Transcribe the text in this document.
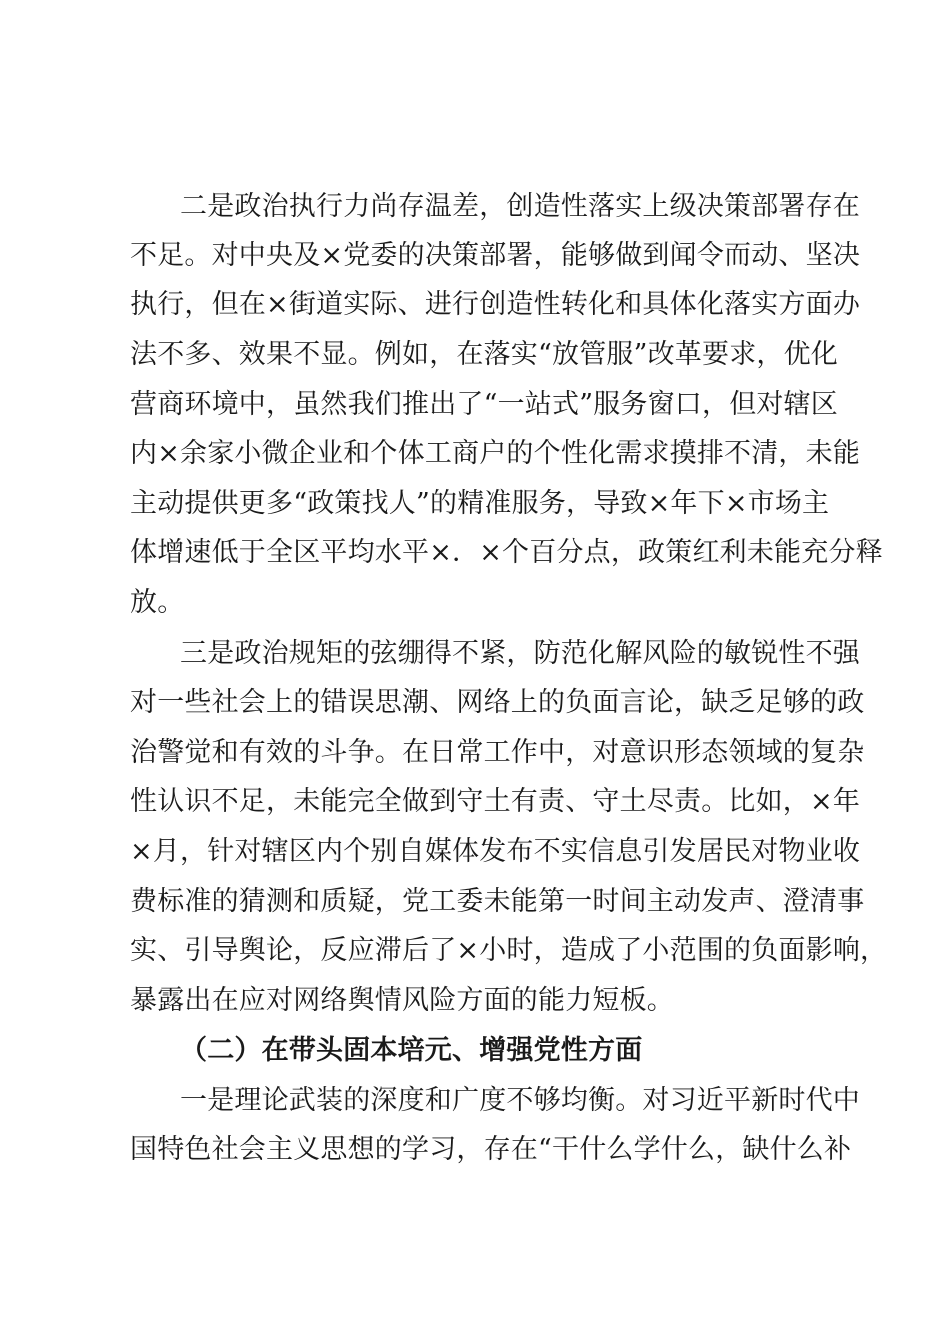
二是政治执行力尚存温差，创造性落实上级决策部署存在
不足。对中央及×党委的决策部署，能够做到闻令而动、坚决
执行，但在×街道实际、进行创造性转化和具体化落实方面办
法不多、效果不显。例如，在落实“放管服”改革要求，优化
营商环境中，虽然我们推出了“一站式”服务窗口，但对辖区
内×余家小微企业和个体工商户的个性化需求摸排不清，未能
主动提供更多“政策找人”的精准服务，导致×年下×市场主
体增速低于全区平均水平×．×个百分点，政策红利未能充分释
放。
三是政治规矩的弦绷得不紧，防范化解风险的敏锐性不强
对一些社会上的错误思潮、网络上的负面言论，缺乏足够的政
治警觉和有效的斗争。在日常工作中，对意识形态领域的复杂
性认识不足，未能完全做到守土有责、守土尽责。比如，×年
×月，针对辖区内个别自媒体发布不实信息引发居民对物业收
费标准的猜测和质疑，党工委未能第一时间主动发声、澄清事
实、引导舆论，反应滞后了×小时，造成了小范围的负面影响，
暴露出在应对网络舆情风险方面的能力短板。
（二）在带头固本培元、增强党性方面
一是理论武装的深度和广度不够均衡。对习近平新时代中
国特色社会主义思想的学习，存在“干什么学什么，缺什么补
